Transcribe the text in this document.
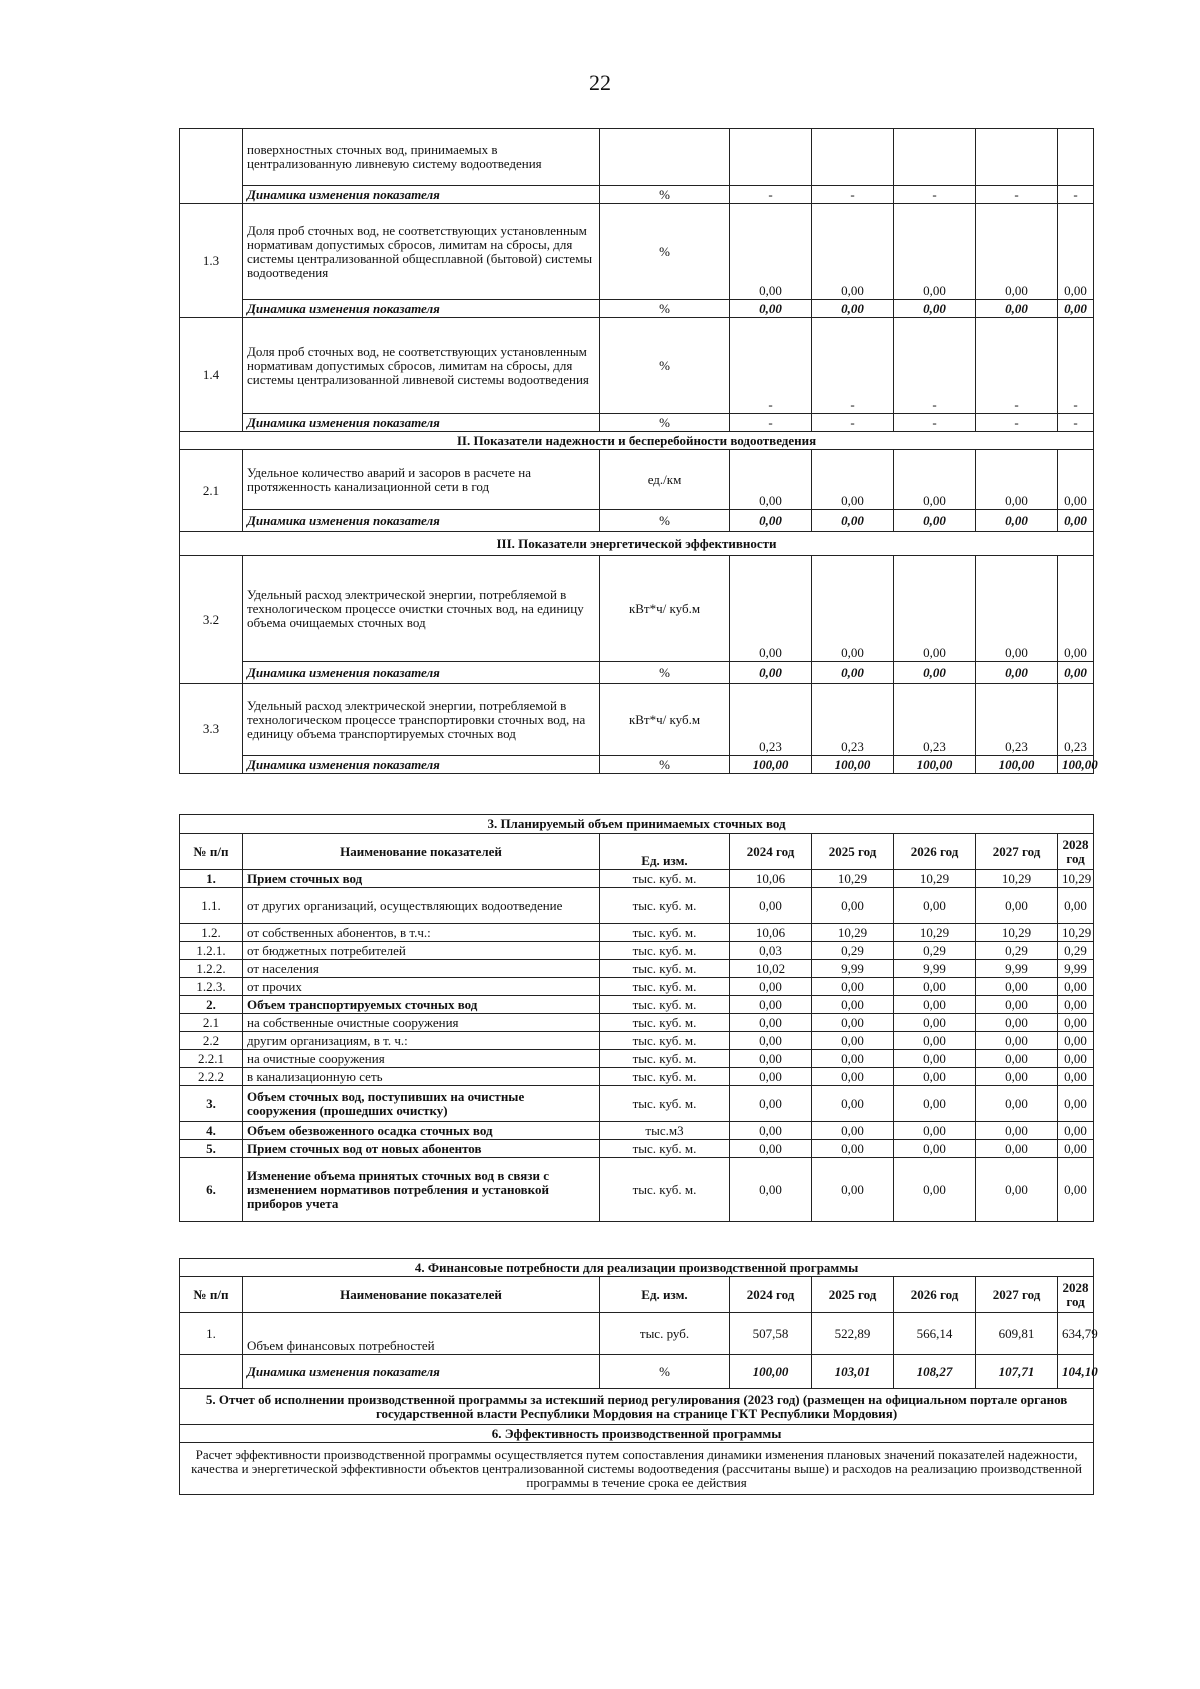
22
	поверхностных сточных вод, принимаемых в централизованную ливневую систему водоотведения						
	Динамика изменения показателя	%	-	-	-	-	-
1.3	Доля проб сточных вод, не соответствующих установленным нормативам допустимых сбросов, лимитам на сбросы, для системы централизованной общесплавной (бытовой) системы водоотведения	%	0,00	0,00	0,00	0,00	0,00
	Динамика изменения показателя	%	0,00	0,00	0,00	0,00	0,00
1.4	Доля проб сточных вод, не соответствующих установленным нормативам допустимых сбросов, лимитам на сбросы, для системы централизованной ливневой системы водоотведения	%	-	-	-	-	-
	Динамика изменения показателя	%	-	-	-	-	-
II. Показатели надежности и бесперебойности водоотведения							
2.1	Удельное количество аварий и засоров в расчете на протяженность канализационной сети в год	ед./км	0,00	0,00	0,00	0,00	0,00
	Динамика изменения показателя	%	0,00	0,00	0,00	0,00	0,00
III. Показатели энергетической эффективности							
3.2	Удельный расход электрической энергии, потребляемой в технологическом процессе очистки сточных вод, на единицу объема очищаемых сточных вод	кВт*ч/ куб.м	0,00	0,00	0,00	0,00	0,00
	Динамика изменения показателя	%	0,00	0,00	0,00	0,00	0,00
3.3	Удельный расход электрической энергии, потребляемой в технологическом процессе транспортировки сточных вод, на единицу объема транспортируемых сточных вод	кВт*ч/ куб.м	0,23	0,23	0,23	0,23	0,23
	Динамика изменения показателя	%	100,00	100,00	100,00	100,00	100,00
3. Планируемый объем принимаемых сточных вод							
№ п/п	Наименование показателей	Ед. изм.	2024 год	2025 год	2026 год	2027 год	2028 год
1.	Прием сточных вод	тыс. куб. м.	10,06	10,29	10,29	10,29	10,29
1.1.	от других организаций, осуществляющих водоотведение	тыс. куб. м.	0,00	0,00	0,00	0,00	0,00
1.2.	от собственных абонентов, в т.ч.:	тыс. куб. м.	10,06	10,29	10,29	10,29	10,29
1.2.1.	от бюджетных потребителей	тыс. куб. м.	0,03	0,29	0,29	0,29	0,29
1.2.2.	от населения	тыс. куб. м.	10,02	9,99	9,99	9,99	9,99
1.2.3.	от прочих	тыс. куб. м.	0,00	0,00	0,00	0,00	0,00
2.	Объем транспортируемых сточных вод	тыс. куб. м.	0,00	0,00	0,00	0,00	0,00
2.1	на собственные очистные сооружения	тыс. куб. м.	0,00	0,00	0,00	0,00	0,00
2.2	другим организациям, в т. ч.:	тыс. куб. м.	0,00	0,00	0,00	0,00	0,00
2.2.1	на очистные сооружения	тыс. куб. м.	0,00	0,00	0,00	0,00	0,00
2.2.2	в канализационную сеть	тыс. куб. м.	0,00	0,00	0,00	0,00	0,00
3.	Объем сточных вод, поступивших на очистные сооружения (прошедших очистку)	тыс. куб. м.	0,00	0,00	0,00	0,00	0,00
4.	Объем обезвоженного осадка сточных вод	тыс.м3	0,00	0,00	0,00	0,00	0,00
5.	Прием сточных вод от новых абонентов	тыс. куб. м.	0,00	0,00	0,00	0,00	0,00
6.	Изменение объема принятых сточных вод в связи с изменением нормативов потребления и установкой приборов учета	тыс. куб. м.	0,00	0,00	0,00	0,00	0,00
4. Финансовые потребности для реализации производственной программы							
№ п/п	Наименование показателей	Ед. изм.	2024 год	2025 год	2026 год	2027 год	2028 год
1.	Объем финансовых потребностей	тыс. руб.	507,58	522,89	566,14	609,81	634,79
	Динамика изменения показателя	%	100,00	103,01	108,27	107,71	104,10
5. Отчет об исполнении производственной программы за истекший период регулирования (2023 год) (размещен на официальном портале органов государственной власти Республики Мордовия на странице ГКТ Республики Мордовия)							
6. Эффективность производственной программы							
Расчет эффективности производственной программы осуществляется путем сопоставления динамики изменения плановых значений показателей надежности, качества и энергетической эффективности объектов централизованной системы водоотведения (рассчитаны выше) и расходов на реализацию производственной программы в течение срока ее действия							
